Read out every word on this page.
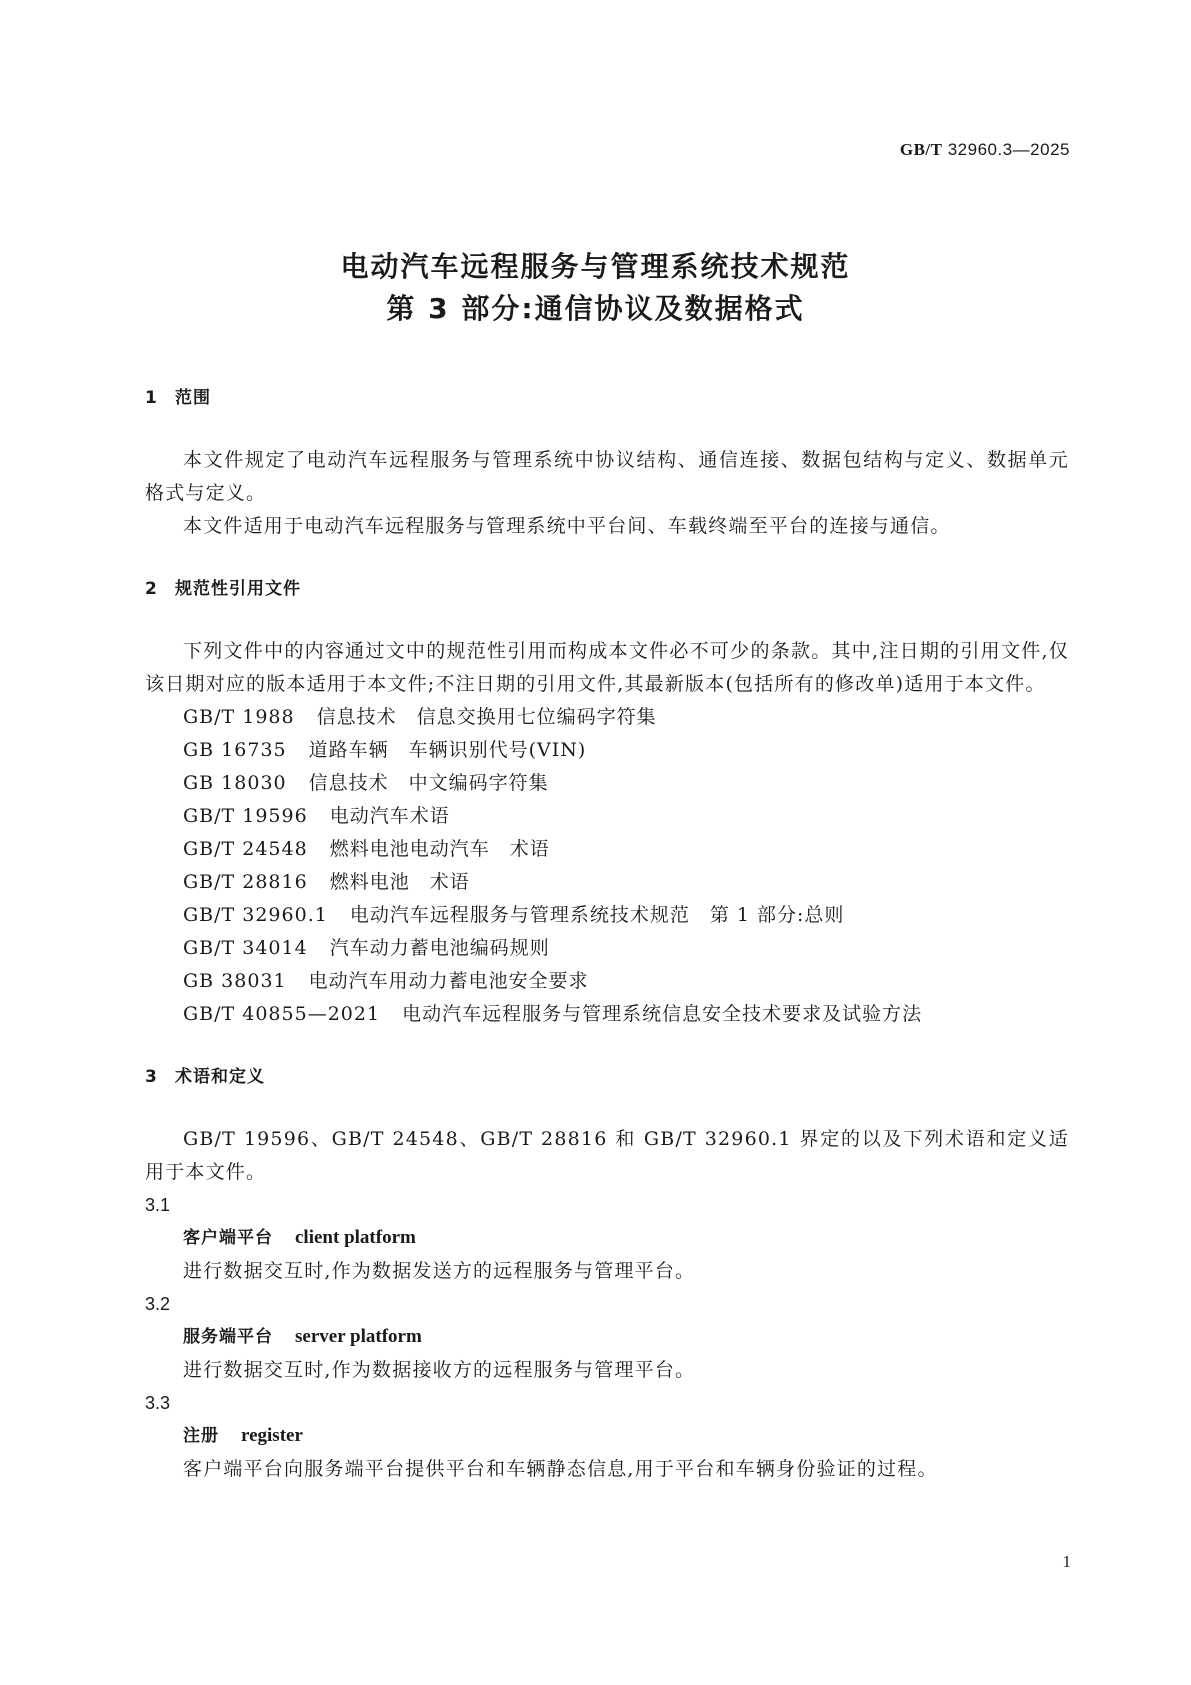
GB/T 32960.3—2025
电动汽车远程服务与管理系统技术规范
第 3 部分:通信协议及数据格式
1 范围
本文件规定了电动汽车远程服务与管理系统中协议结构、通信连接、数据包结构与定义、数据单元格式与定义。
本文件适用于电动汽车远程服务与管理系统中平台间、车载终端至平台的连接与通信。
2 规范性引用文件
下列文件中的内容通过文中的规范性引用而构成本文件必不可少的条款。其中,注日期的引用文件,仅该日期对应的版本适用于本文件;不注日期的引用文件,其最新版本(包括所有的修改单)适用于本文件。
GB/T 1988 信息技术　信息交换用七位编码字符集
GB 16735 道路车辆　车辆识别代号(VIN)
GB 18030 信息技术　中文编码字符集
GB/T 19596 电动汽车术语
GB/T 24548 燃料电池电动汽车　术语
GB/T 28816 燃料电池　术语
GB/T 32960.1 电动汽车远程服务与管理系统技术规范　第 1 部分:总则
GB/T 34014 汽车动力蓄电池编码规则
GB 38031 电动汽车用动力蓄电池安全要求
GB/T 40855—2021 电动汽车远程服务与管理系统信息安全技术要求及试验方法
3 术语和定义
GB/T 19596、GB/T 24548、GB/T 28816 和 GB/T 32960.1 界定的以及下列术语和定义适用于本文件。
3.1
客户端平台 client platform
进行数据交互时,作为数据发送方的远程服务与管理平台。
3.2
服务端平台 server platform
进行数据交互时,作为数据接收方的远程服务与管理平台。
3.3
注册 register
客户端平台向服务端平台提供平台和车辆静态信息,用于平台和车辆身份验证的过程。
1
